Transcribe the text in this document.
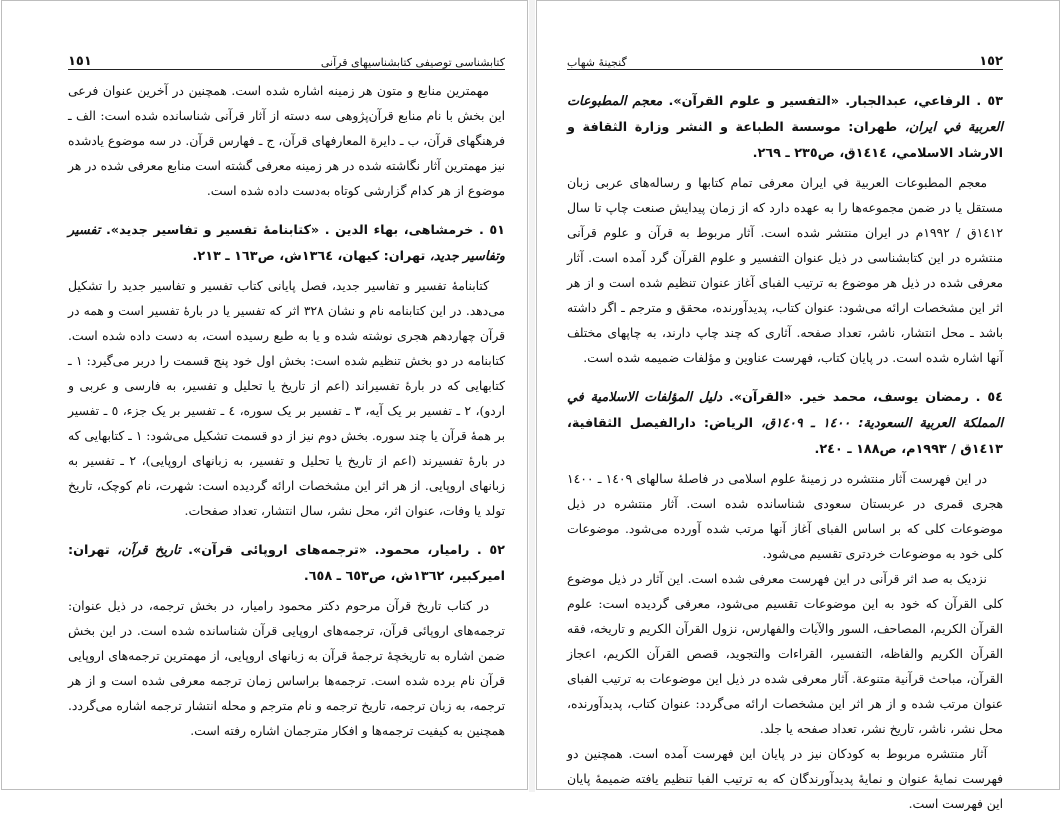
کتابشناسی توصیفی کتابشناسیهای قرآنی
١٥١

مهمترین منابع و متون هر زمینه اشاره شده است. همچنین در آخرین عنوان فرعی این بخش با نام منابع قرآن‌پژوهی سه دسته از آثار قرآنی شناسانده شده است: الف ـ فرهنگهای قرآن، ب ـ دایرة المعارفهای قرآن، ج ـ فهارس قرآن. در سه موضوع یادشده نیز مهمترین آثار نگاشته شده در هر زمینه معرفی گشته است منابع معرفی شده در هر موضوع از هر کدام گزارشی کوتاه به‌دست داده شده است.

٥١ . خرمشاهی، بهاء الدین . «کتابنامهٔ تفسیر و تفاسیر جدید». تفسیر وتفاسیر جدید، تهران: کیهان، ١٣٦٤ش، ص١٦٣ ـ ٢١٣.

کتابنامهٔ تفسیر و تفاسیر جدید، فصل پایانی کتاب تفسیر و تفاسیر جدید را تشکیل می‌دهد. در این کتابنامه نام و نشان ٣٢٨ اثر که تفسیر یا در بارهٔ تفسیر است و همه در قرآن چهاردهم هجری نوشته شده و یا به طبع رسیده است، به دست داده شده است. کتابنامه در دو بخش تنظیم شده است: بخش اول خود پنج قسمت را دربر می‌گیرد: ١ ـ کتابهایی که در بارهٔ تفسیراند (اعم از تاریخ یا تحلیل و تفسیر، به فارسی و عربی و اردو)، ٢ ـ تفسیر بر یک آیه، ٣ ـ تفسیر بر یک سوره، ٤ ـ تفسیر بر یک جزء، ٥ ـ تفسیر بر همهٔ قرآن یا چند سوره. بخش دوم نیز از دو قسمت تشکیل می‌شود: ١ ـ کتابهایی که در بارهٔ تفسیرند (اعم از تاریخ یا تحلیل و تفسیر، به زبانهای اروپایی)، ٢ ـ تفسیر به زبانهای اروپایی. از هر اثر این مشخصات ارائه گردیده است: شهرت، نام کوچک، تاریخ تولد یا وفات، عنوان اثر، محل نشر، سال انتشار، تعداد صفحات.

٥٢ . رامیار، محمود. «ترجمه‌های اروپائی قرآن». تاریخ قرآن، تهران: امیرکبیر، ١٣٦٢ش، ص٦٥٣ ـ ٦٥٨.

در کتاب تاریخ قرآن مرحوم دکتر محمود رامیار، در بخش ترجمه، در ذیل عنوان: ترجمه‌های اروپائی قرآن، ترجمه‌های اروپایی قرآن شناسانده شده است. در این بخش ضمن اشاره به تاریخچهٔ ترجمهٔ قرآن به زبانهای اروپایی، از مهمترین ترجمه‌های اروپایی قرآن نام برده شده است. ترجمه‌ها براساس زمان ترجمه معرفی شده است و از هر ترجمه، به زبان ترجمه، تاریخ ترجمه و نام مترجم و محله انتشار ترجمه اشاره می‌گردد. همچنین به کیفیت ترجمه‌ها و افکار مترجمان اشاره رفته است.

١٥٢
گنجینهٔ شهاب
٥٣ . الرفاعي، عبدالجبار. «التفسير و علوم القرآن». معجم المطبوعات العربية في ايران، طهران: موسسة الطباعة و النشر وزارة الثقافة و الارشاد الاسلامي، ١٤١٤ق، ص٢٣٥ ـ ٢٦٩.

معجم المطبوعات العربية في ايران معرفی تمام کتابها و رساله‌های عربی زبان مستقل یا در ضمن مجموعه‌ها را به عهده دارد که از زمان پیدایش صنعت چاپ تا سال ١٤١٢ق / ١٩٩٢م در ایران منتشر شده است. آثار مربوط به قرآن و علوم قرآنی منتشره در این کتابشناسی در ذیل عنوان التفسير و علوم القرآن گرد آمده است. آثار معرفی شده در ذیل هر موضوع به ترتیب الفبای آغاز عنوان تنظیم شده است و از هر اثر این مشخصات ارائه می‌شود: عنوان کتاب، پدیدآورنده، محقق و مترجم ـ اگر داشته باشد ـ محل انتشار، ناشر، تعداد صفحه. آثاری که چند چاپ دارند، به چاپهای مختلف آنها اشاره شده است. در پایان کتاب، فهرست عناوین و مؤلفات ضمیمه شده است.

٥٤ . رمضان یوسف، محمد خیر. «القرآن». دليل المؤلفات الاسلامية في المملكة العربية السعودية: ١٤٠٠ ـ ١٤٠٩ق، الرياض: دارالفيصل الثقافية، ١٤١٣ق / ١٩٩٣م، ص١٨٨ ـ ٢٤٠.

در این فهرست آثار منتشره در زمینهٔ علوم اسلامی در فاصلهٔ سالهای ١٤٠٩ ـ ١٤٠٠ هجری قمری در عربستان سعودی شناسانده شده است. آثار منتشره در ذیل موضوعات کلی که بر اساس الفبای آغاز آنها مرتب شده آورده می‌شود. موضوعات کلی خود به موضوعات خردتری تقسیم می‌شود.

نزدیک به صد اثر قرآنی در این فهرست معرفی شده است. این آثار در ذیل موضوع کلی القرآن که خود به این موضوعات تقسیم می‌شود، معرفی گردیده است: علوم القرآن الكريم، المصاحف، السور والآيات والفهارس، نزول القرآن الكريم و تاريخه، فقه القرآن الكريم والفاظه، التفسير، القراءات والتجويد، قصص القرآن الكريم، اعجاز القرآن، مباحث قرآنية متنوعة. آثار معرفی شده در ذیل این موضوعات به ترتیب الفبای عنوان مرتب شده و از هر اثر این مشخصات ارائه می‌گردد: عنوان کتاب، پدیدآورنده، محل نشر، ناشر، تاریخ نشر، تعداد صفحه یا جلد.

آثار منتشره مربوط به کودکان نیز در پایان این فهرست آمده است. همچنین دو فهرست نمایهٔ عنوان و نمایهٔ پدیدآورندگان که به ترتیب الفبا تنظیم یافته ضمیمهٔ پایان این فهرست است.
